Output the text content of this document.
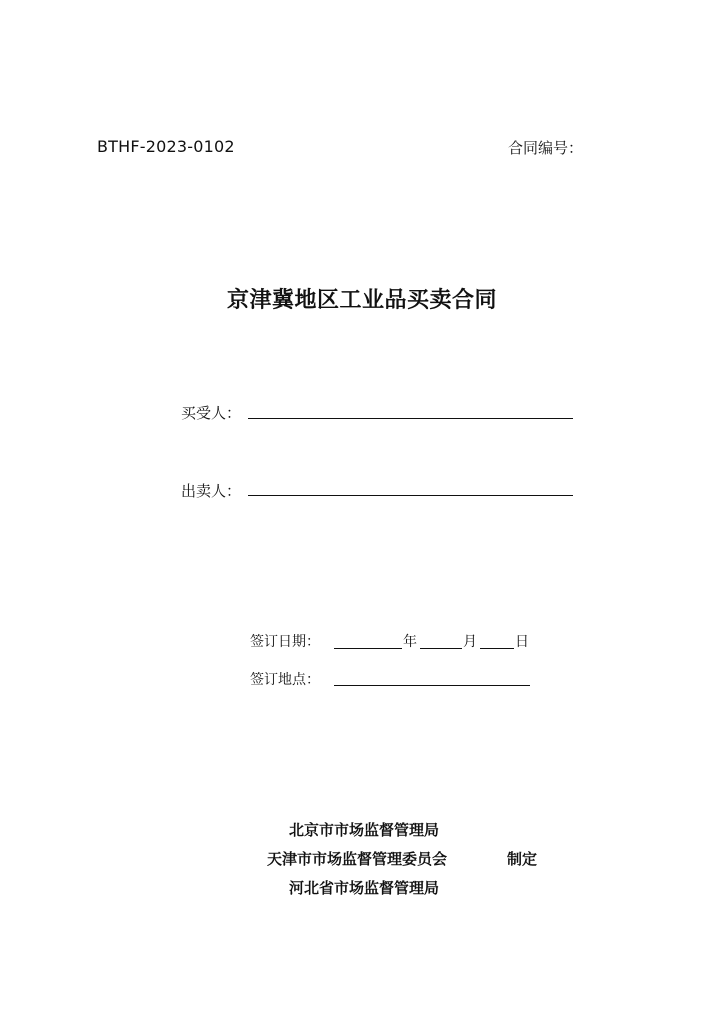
BTHF-2023-0102	合同编号：
京津冀地区工业品买卖合同
买受人：
出卖人：
签订日期：	年	月	日
签订地点：
北京市市场监督管理局
天津市市场监督管理委员会	制定
河北省市场监督管理局
